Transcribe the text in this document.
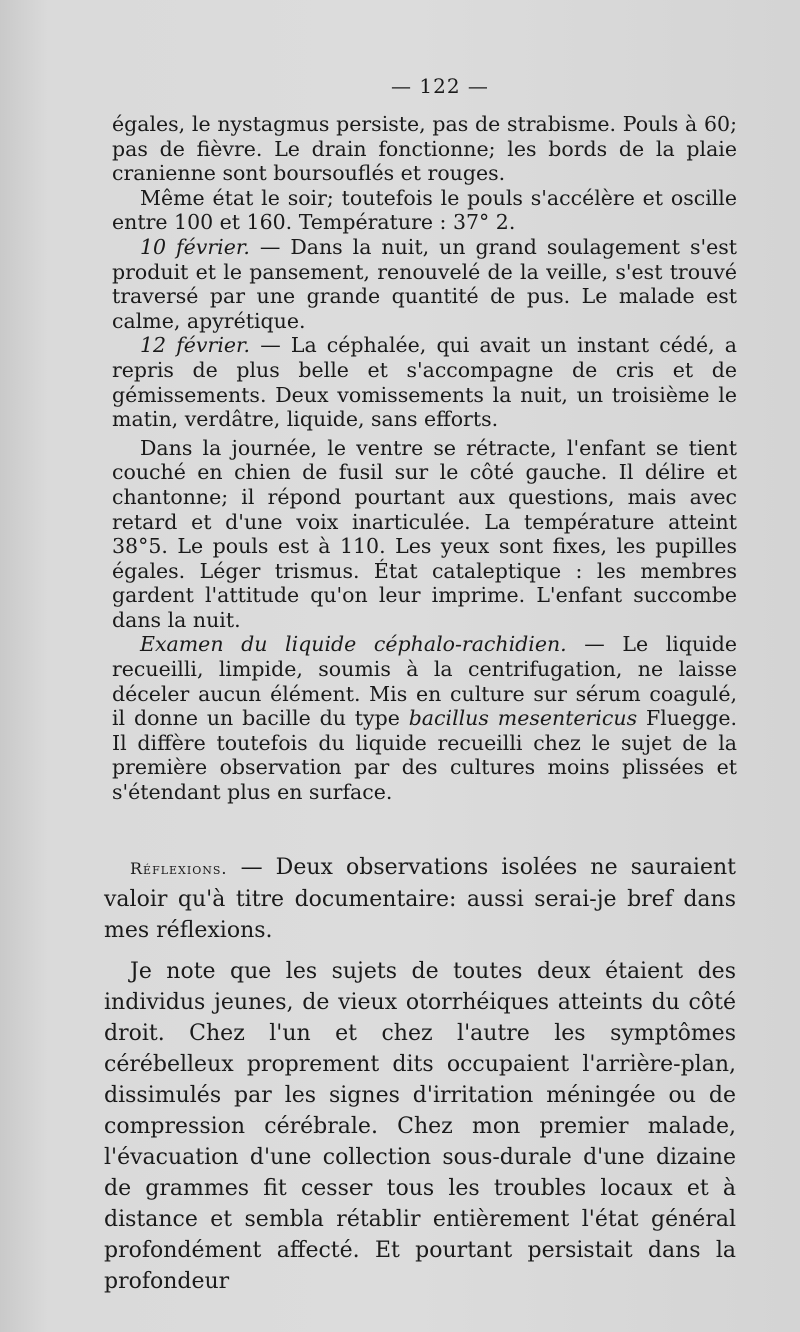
— 122 —

égales, le nystagmus persiste, pas de strabisme. Pouls à 60; pas de fièvre. Le drain fonctionne; les bords de la plaie cranienne sont boursouflés et rouges.

Même état le soir; toutefois le pouls s'accélère et oscille entre 100 et 160. Température : 37° 2.

10 février. — Dans la nuit, un grand soulagement s'est produit et le pansement, renouvelé de la veille, s'est trouvé traversé par une grande quantité de pus. Le malade est calme, apyrétique.

12 février. — La céphalée, qui avait un instant cédé, a repris de plus belle et s'accompagne de cris et de gémissements. Deux vomissements la nuit, un troisième le matin, verdâtre, liquide, sans efforts.

Dans la journée, le ventre se rétracte, l'enfant se tient couché en chien de fusil sur le côté gauche. Il délire et chantonne; il répond pourtant aux questions, mais avec retard et d'une voix inarticulée. La température atteint 38°5. Le pouls est à 110. Les yeux sont fixes, les pupilles égales. Léger trismus. État cataleptique : les membres gardent l'attitude qu'on leur imprime. L'enfant succombe dans la nuit.

Examen du liquide céphalo-rachidien. — Le liquide recueilli, limpide, soumis à la centrifugation, ne laisse déceler aucun élément. Mis en culture sur sérum coagulé, il donne un bacille du type bacillus mesentericus Fluegge. Il diffère toutefois du liquide recueilli chez le sujet de la première observation par des cultures moins plissées et s'étendant plus en surface.

Réflexions. — Deux observations isolées ne sauraient valoir qu'à titre documentaire: aussi serai-je bref dans mes réflexions.

Je note que les sujets de toutes deux étaient des individus jeunes, de vieux otorrhéiques atteints du côté droit. Chez l'un et chez l'autre les symptômes cérébelleux proprement dits occupaient l'arrière-plan, dissimulés par les signes d'irritation méningée ou de compression cérébrale. Chez mon premier malade, l'évacuation d'une collection sous-durale d'une dizaine de grammes fit cesser tous les troubles locaux et à distance et sembla rétablir entièrement l'état général profondément affecté. Et pourtant persistait dans la profondeur
